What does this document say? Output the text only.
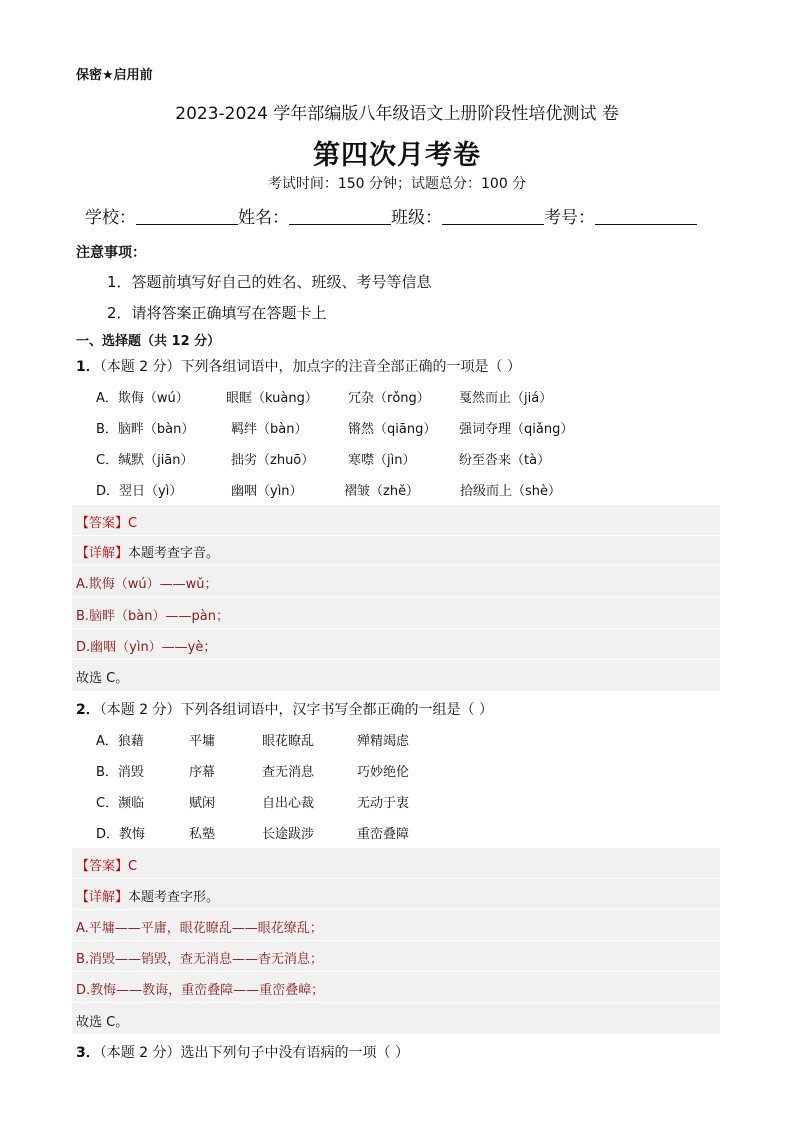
保密★启用前
2023-2024 学年部编版八年级语文上册阶段性培优测试 卷
第四次月考卷
考试时间：150 分钟；试题总分：100 分
学校：	姓名：	班级：	考号：
注意事项：
1．答题前填写好自己的姓名、班级、考号等信息
2．请将答案正确填写在答题卡上
一、选择题（共 12 分）
1．（本题 2 分）下列各组词语中，加点字的注音全部正确的一项是（ ）
A．欺侮（wú）	眼眶（kuàng） 冗杂（rǒng） 戛然而止（jiá）
B．脑畔（bàn）	羁绊（bàn）	锵然（qiāng） 强词夺理（qiǎng）
C．缄默（jiān）	拙劣（zhuō）	寒噤（jìn）	纷至沓来（tà）
D．翌日（yì）	幽咽（yìn）	褶皱（zhě）	拾级而上（shè）
【答案】C
【详解】本题考查字音。
A.欺侮（wú）——wǔ；
B.脑畔（bàn）——pàn；
D.幽咽（yìn）——yè；
故选 C。
2．（本题 2 分）下列各组词语中，汉字书写全都正确的一组是（ ）
A．狼藉	平墉	眼花瞭乱	殚精竭虑
B．消毁	序幕	查无消息	巧妙绝伦
C．濒临	赋闲	自出心裁	无动于衷
D．教悔	私塾	长途跋涉	重峦叠障
【答案】C
【详解】本题考查字形。
A.平墉——平庸，眼花瞭乱——眼花缭乱；
B.消毁——销毁，查无消息——杳无消息；
D.教悔——教诲，重峦叠障——重峦叠嶂；
故选 C。
3．（本题 2 分）选出下列句子中没有语病的一项（ ）
